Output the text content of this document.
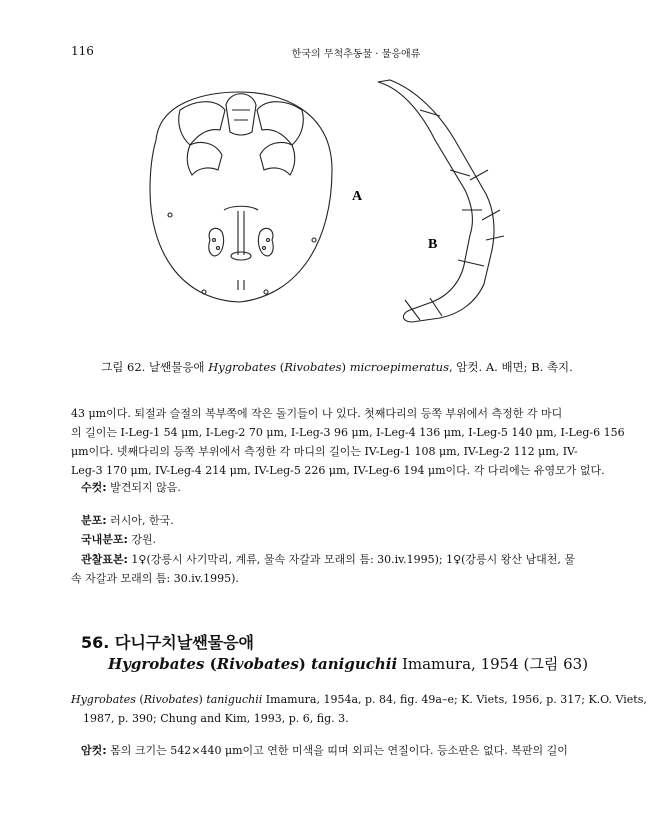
116	한국의 무척추동물 · 물응애류
A
B
그림 62. 날쌘물응애 Hygrobates (Rivobates) microepimeratus, 암컷. A. 배면; B. 촉지.
43 μm이다. 퇴절과 슬절의 복부쪽에 작은 돌기들이 나 있다. 첫째다리의 등쪽 부위에서 측정한 각 마디
의 길이는 I-Leg-1 54 μm, I-Leg-2 70 μm, I-Leg-3 96 μm, I-Leg-4 136 μm, I-Leg-5 140 μm, I-Leg-6 156
μm이다. 넷째다리의 등쪽 부위에서 측정한 각 마디의 길이는 IV-Leg-1 108 μm, IV-Leg-2 112 μm, IV-
Leg-3 170 μm, IV-Leg-4 214 μm, IV-Leg-5 226 μm, IV-Leg-6 194 μm이다. 각 다리에는 유영모가 없다.
수컷: 발견되지 않음.
분포: 러시아, 한국.
국내분포: 강원.
관찰표본: 1♀(강릉시 사기막리, 계류, 물속 자갈과 모래의 틈: 30.iv.1995); 1♀(강릉시 왕산 남대천, 물
속 자갈과 모래의 틈: 30.iv.1995).
56. 다니구치날쌘물응애
Hygrobates (Rivobates) taniguchii Imamura, 1954 (그림 63)
Hygrobates (Rivobates) taniguchii Imamura, 1954a, p. 84, fig. 49a–e; K. Viets, 1956, p. 317; K.O. Viets,
1987, p. 390; Chung and Kim, 1993, p. 6, fig. 3.
암컷: 몸의 크기는 542×440 μm이고 연한 미색을 띠며 외피는 연질이다. 등소판은 없다. 복판의 길이
